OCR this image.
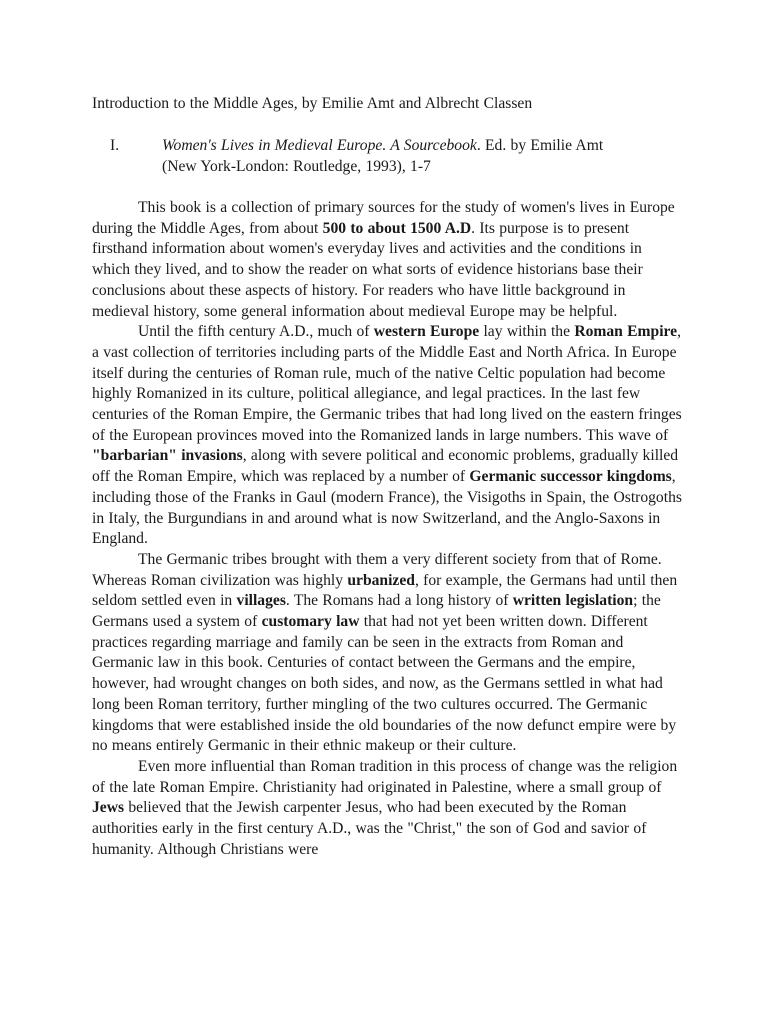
Introduction to the Middle Ages, by Emilie Amt and Albrecht Classen
I.	Women's Lives in Medieval Europe. A Sourcebook. Ed. by Emilie Amt
(New York-London: Routledge, 1993), 1-7

This book is a collection of primary sources for the study of women's lives in Europe during the Middle Ages, from about 500 to about 1500 A.D. Its purpose is to present firsthand information about women's everyday lives and activities and the conditions in which they lived, and to show the reader on what sorts of evidence historians base their conclusions about these aspects of history. For readers who have little background in medieval history, some general information about medieval Europe may be helpful.

Until the fifth century A.D., much of western Europe lay within the Roman Empire, a vast collection of territories including parts of the Middle East and North Africa. In Europe itself during the centuries of Roman rule, much of the native Celtic population had become highly Romanized in its culture, political allegiance, and legal practices. In the last few centuries of the Roman Empire, the Germanic tribes that had long lived on the eastern fringes of the European provinces moved into the Romanized lands in large numbers. This wave of "barbarian" invasions, along with severe political and economic problems, gradually killed off the Roman Empire, which was replaced by a number of Germanic successor kingdoms, including those of the Franks in Gaul (modern France), the Visigoths in Spain, the Ostrogoths in Italy, the Burgundians in and around what is now Switzerland, and the Anglo-Saxons in England.

The Germanic tribes brought with them a very different society from that of Rome. Whereas Roman civilization was highly urbanized, for example, the Germans had until then seldom settled even in villages. The Romans had a long history of written legislation; the Germans used a system of customary law that had not yet been written down. Different practices regarding marriage and family can be seen in the extracts from Roman and Germanic law in this book. Centuries of contact between the Germans and the empire, however, had wrought changes on both sides, and now, as the Germans settled in what had long been Roman territory, further mingling of the two cultures occurred. The Germanic kingdoms that were established inside the old boundaries of the now defunct empire were by no means entirely Germanic in their ethnic makeup or their culture.

Even more influential than Roman tradition in this process of change was the religion of the late Roman Empire. Christianity had originated in Palestine, where a small group of Jews believed that the Jewish carpenter Jesus, who had been executed by the Roman authorities early in the first century A.D., was the "Christ," the son of God and savior of humanity. Although Christians were
